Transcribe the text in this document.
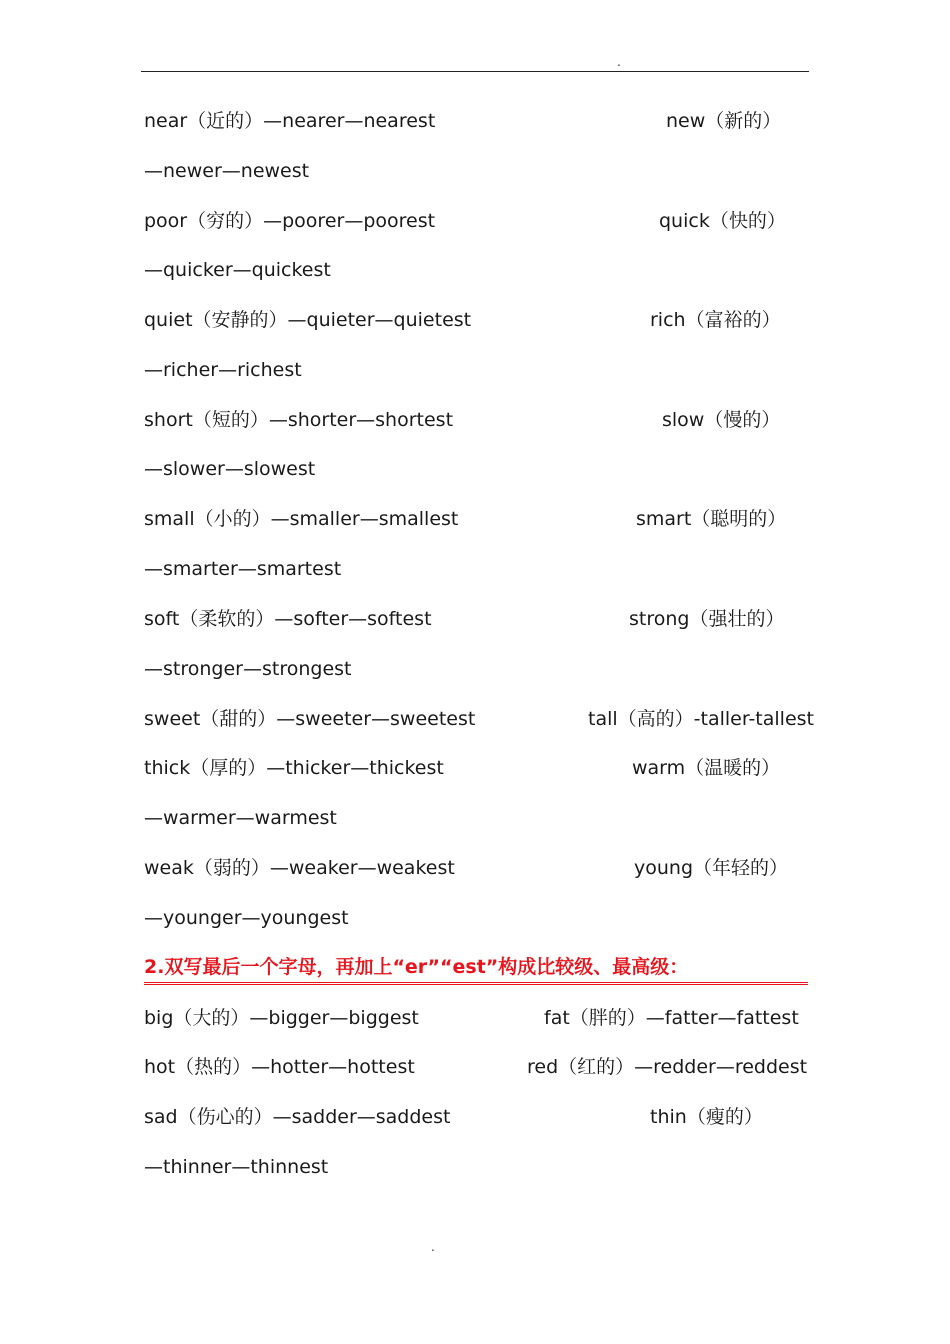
.
near（近的）—nearer—nearest	new（新的）
—newer—newest
poor（穷的）—poorer—poorest	quick（快的）
—quicker—quickest
quiet（安静的）—quieter—quietest	rich（富裕的）
—richer—richest
short（短的）—shorter—shortest	slow（慢的）
—slower—slowest
small（小的）—smaller—smallest	smart（聪明的）
—smarter—smartest
soft（柔软的）—softer—softest	strong（强壮的）
—stronger—strongest
sweet（甜的）—sweeter—sweetest	tall（高的）-taller-tallest
thick（厚的）—thicker—thickest	warm（温暖的）
—warmer—warmest
weak（弱的）—weaker—weakest	young（年轻的）
—younger—youngest
2.双写最后一个字母，再加上“er”“est”构成比较级、最高级：
big（大的）—bigger—biggest	fat（胖的）—fatter—fattest
hot（热的）—hotter—hottest	red（红的）—redder—reddest
sad（伤心的）—sadder—saddest	thin（瘦的）
—thinner—thinnest
.
